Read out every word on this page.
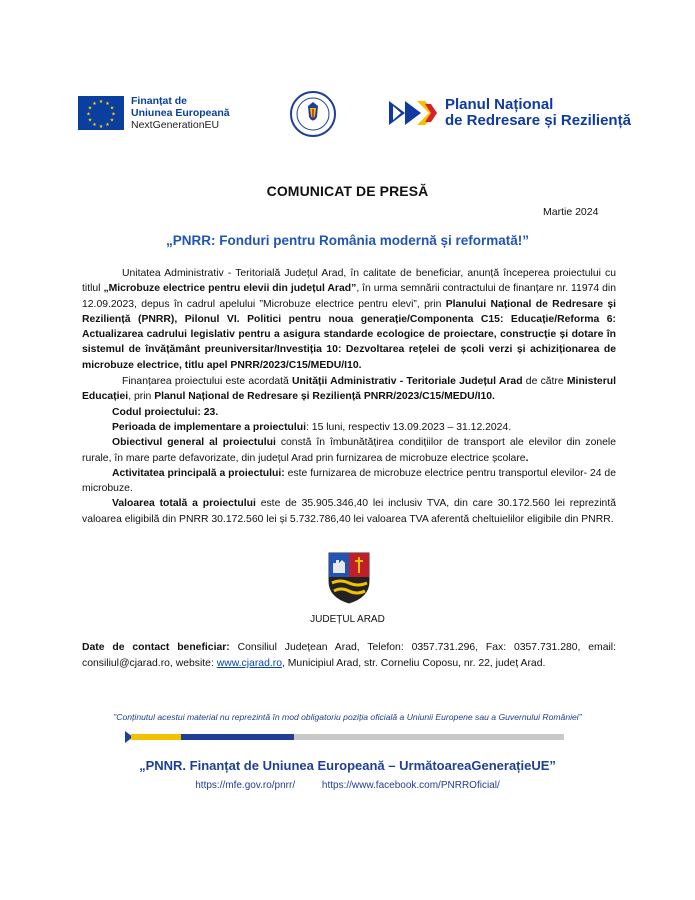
★ ★
★
★
★
★
★
★
★
★
★
★	Finanțat de
Uniunea Europeană
NextGenerationEU
Planul Național
de Redresare și Reziliență
COMUNICAT DE PRESĂ
Martie 2024
„PNRR: Fonduri pentru România modernă și reformată!”

Unitatea Administrativ - Teritorială Județul Arad, în calitate de beneficiar, anunță începerea proiectului cu titlul „Microbuze electrice pentru elevii din județul Arad”, în urma semnării contractului de finanțare nr. 11974 din 12.09.2023, depus în cadrul apelului ”Microbuze electrice pentru elevi”, prin Planului Național de Redresare și Reziliență (PNRR), Pilonul VI. Politici pentru noua generație/Componenta C15: Educație/Reforma 6: Actualizarea cadrului legislativ pentru a asigura standarde ecologice de proiectare, construcție și dotare în sistemul de învățământ preuniversitar/Investiția 10: Dezvoltarea rețelei de școli verzi și achiziționarea de microbuze electrice, titlu apel PNRR/2023/C15/MEDU/I10.

Finanțarea proiectului este acordată Unității Administrativ - Teritoriale Județul Arad de către Ministerul Educației, prin Planul Național de Redresare și Reziliență PNRR/2023/C15/MEDU/I10.

Codul proiectului: 23.

Perioada de implementare a proiectului: 15 luni, respectiv 13.09.2023 – 31.12.2024.

Obiectivul general al proiectului constă în îmbunătățirea condițiilor de transport ale elevilor din zonele rurale, în mare parte defavorizate, din județul Arad prin furnizarea de microbuze electrice școlare.

Activitatea principală a proiectului: este furnizarea de microbuze electrice pentru transportul elevilor- 24 de microbuze.

Valoarea totală a proiectului este de 35.905.346,40 lei inclusiv TVA, din care 30.172.560 lei reprezintă valoarea eligibilă din PNRR 30.172.560 lei și 5.732.786,40 lei valoarea TVA aferentă cheltuielilor eligibile din PNRR.

JUDEȚUL ARAD
Date de contact beneficiar: Consiliul Județean Arad, Telefon: 0357.731.296, Fax: 0357.731.280, email: consiliul@cjarad.ro, website: www.cjarad.ro, Municipiul Arad, str. Corneliu Coposu, nr. 22, județ Arad.
”Conținutul acestui material nu reprezintă în mod obligatoriu poziția oficială a Uniunii Europene sau a Guvernului României”
„PNNR. Finanțat de Uniunea Europeană – UrmătoareaGenerațieUE”
https://mfe.gov.ro/pnrr/	https://www.facebook.com/PNRROficial/
